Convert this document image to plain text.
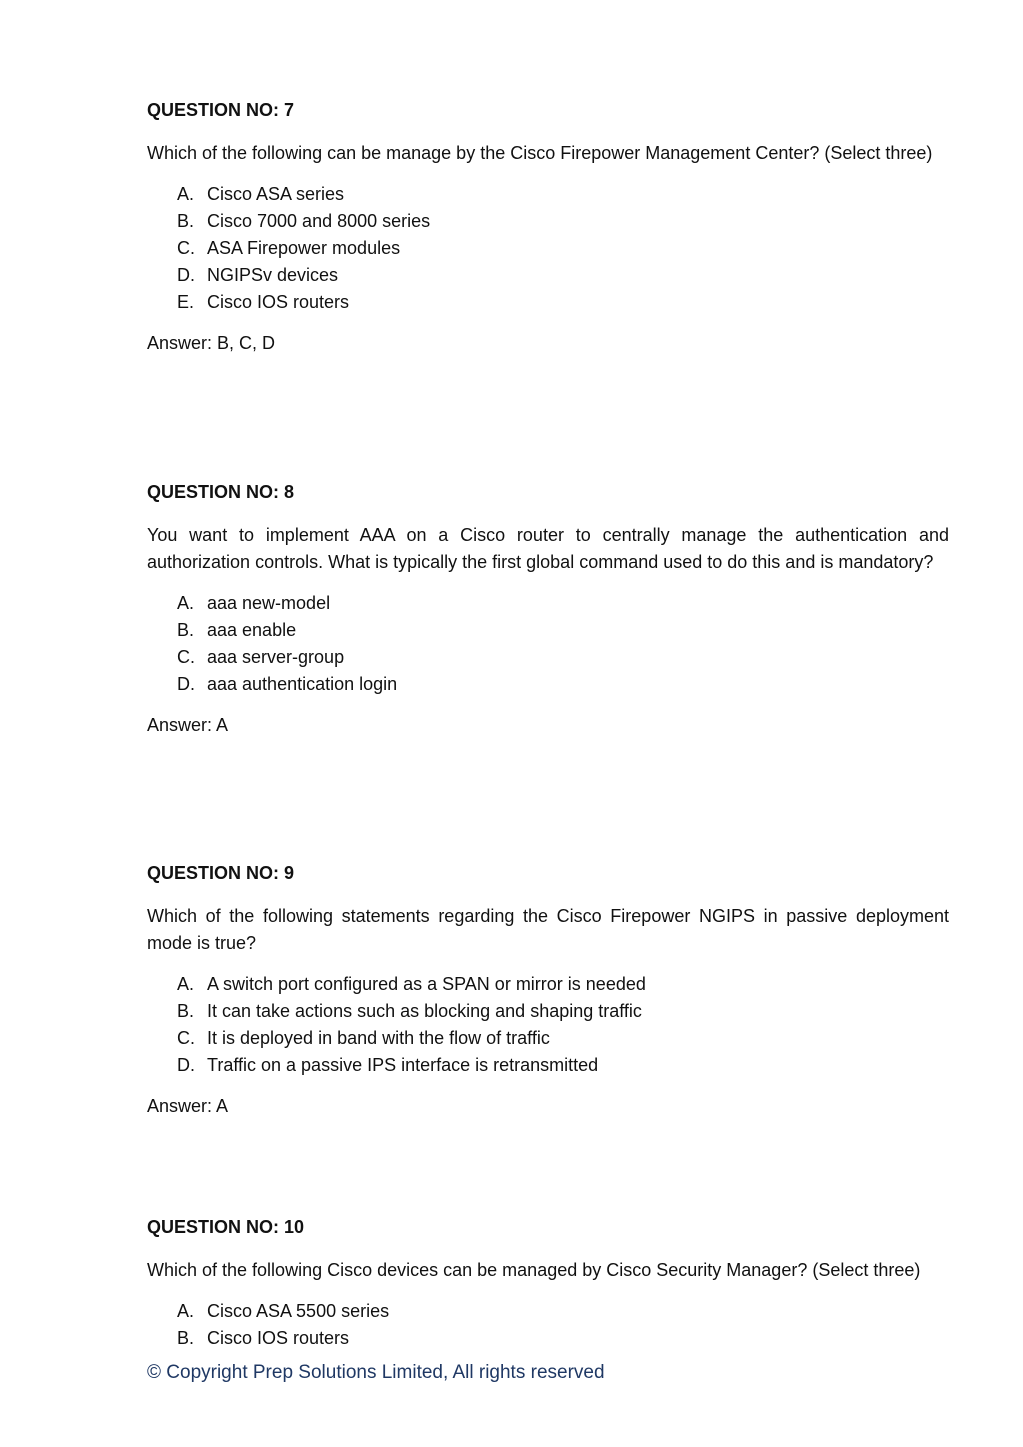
QUESTION NO: 7

Which of the following can be manage by the Cisco Firepower Management Center? (Select three)

A. Cisco ASA series
B. Cisco 7000 and 8000 series
C. ASA Firepower modules
D. NGIPSv devices
E. Cisco IOS routers

Answer: B, C, D

QUESTION NO: 8

You want to implement AAA on a Cisco router to centrally manage the authentication and authorization controls. What is typically the first global command used to do this and is mandatory?

A. aaa new-model
B. aaa enable
C. aaa server-group
D. aaa authentication login

Answer: A

QUESTION NO: 9

Which of the following statements regarding the Cisco Firepower NGIPS in passive deployment mode is true?

A. A switch port configured as a SPAN or mirror is needed
B. It can take actions such as blocking and shaping traffic
C. It is deployed in band with the flow of traffic
D. Traffic on a passive IPS interface is retransmitted

Answer: A

QUESTION NO: 10

Which of the following Cisco devices can be managed by Cisco Security Manager? (Select three)

A. Cisco ASA 5500 series
B. Cisco IOS routers
© Copyright Prep Solutions Limited, All rights reserved
